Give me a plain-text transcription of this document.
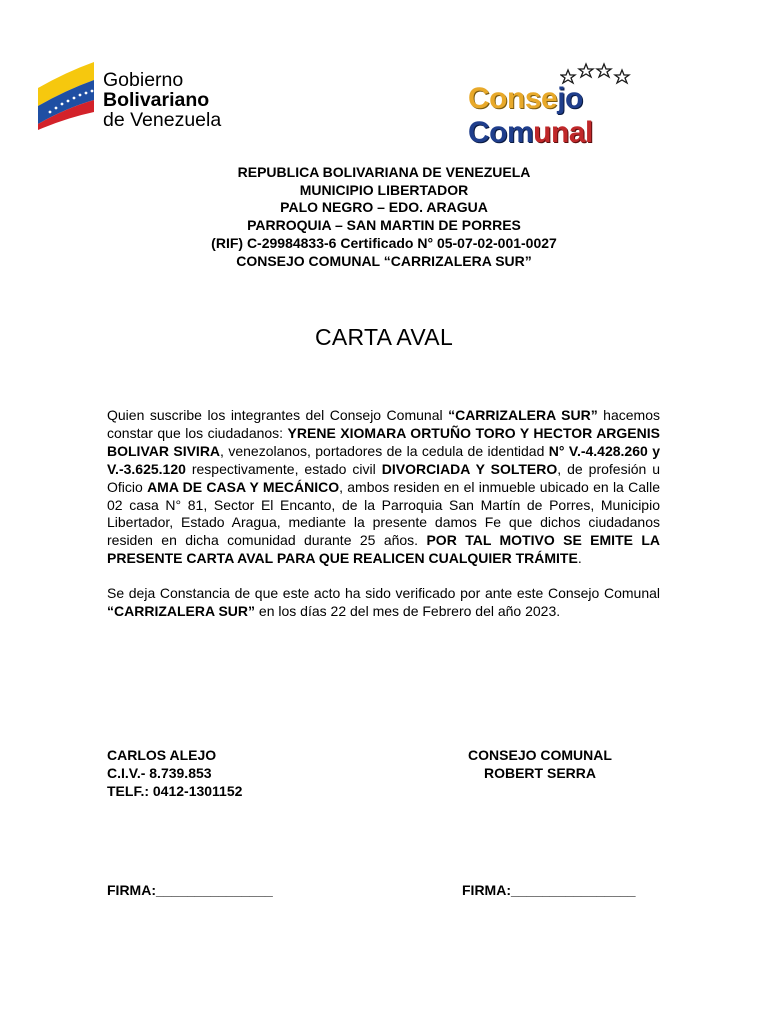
Gobierno
Bolivariano
de Venezuela
Consejo Comunal
REPUBLICA BOLIVARIANA DE VENEZUELA
MUNICIPIO LIBERTADOR
PALO NEGRO – EDO. ARAGUA
PARROQUIA – SAN MARTIN DE PORRES
(RIF) C-29984833-6 Certificado N° 05-07-02-001-0027
CONSEJO COMUNAL “CARRIZALERA SUR”
CARTA AVAL

Quien suscribe los integrantes del Consejo Comunal “CARRIZALERA SUR” hacemos constar que los ciudadanos: YRENE XIOMARA ORTUÑO TORO Y HECTOR ARGENIS BOLIVAR SIVIRA, venezolanos, portadores de la cedula de identidad N° V.-4.428.260 y V.-3.625.120 respectivamente, estado civil DIVORCIADA Y SOLTERO, de profesión u Oficio AMA DE CASA Y MECÁNICO, ambos residen en el inmueble ubicado en la Calle 02 casa N° 81, Sector El Encanto, de la Parroquia San Martín de Porres, Municipio Libertador, Estado Aragua, mediante la presente damos Fe que dichos ciudadanos residen en dicha comunidad durante 25 años. POR TAL MOTIVO SE EMITE LA PRESENTE CARTA AVAL PARA QUE REALICEN CUALQUIER TRÁMITE.

Se deja Constancia de que este acto ha sido verificado por ante este Consejo Comunal “CARRIZALERA SUR” en los días 22 del mes de Febrero del año 2023.

CARLOS ALEJO
C.I.V.- 8.739.853
TELF.: 0412-1301152
CONSEJO COMUNAL
ROBERT SERRA
FIRMA:_______________	FIRMA:________________
